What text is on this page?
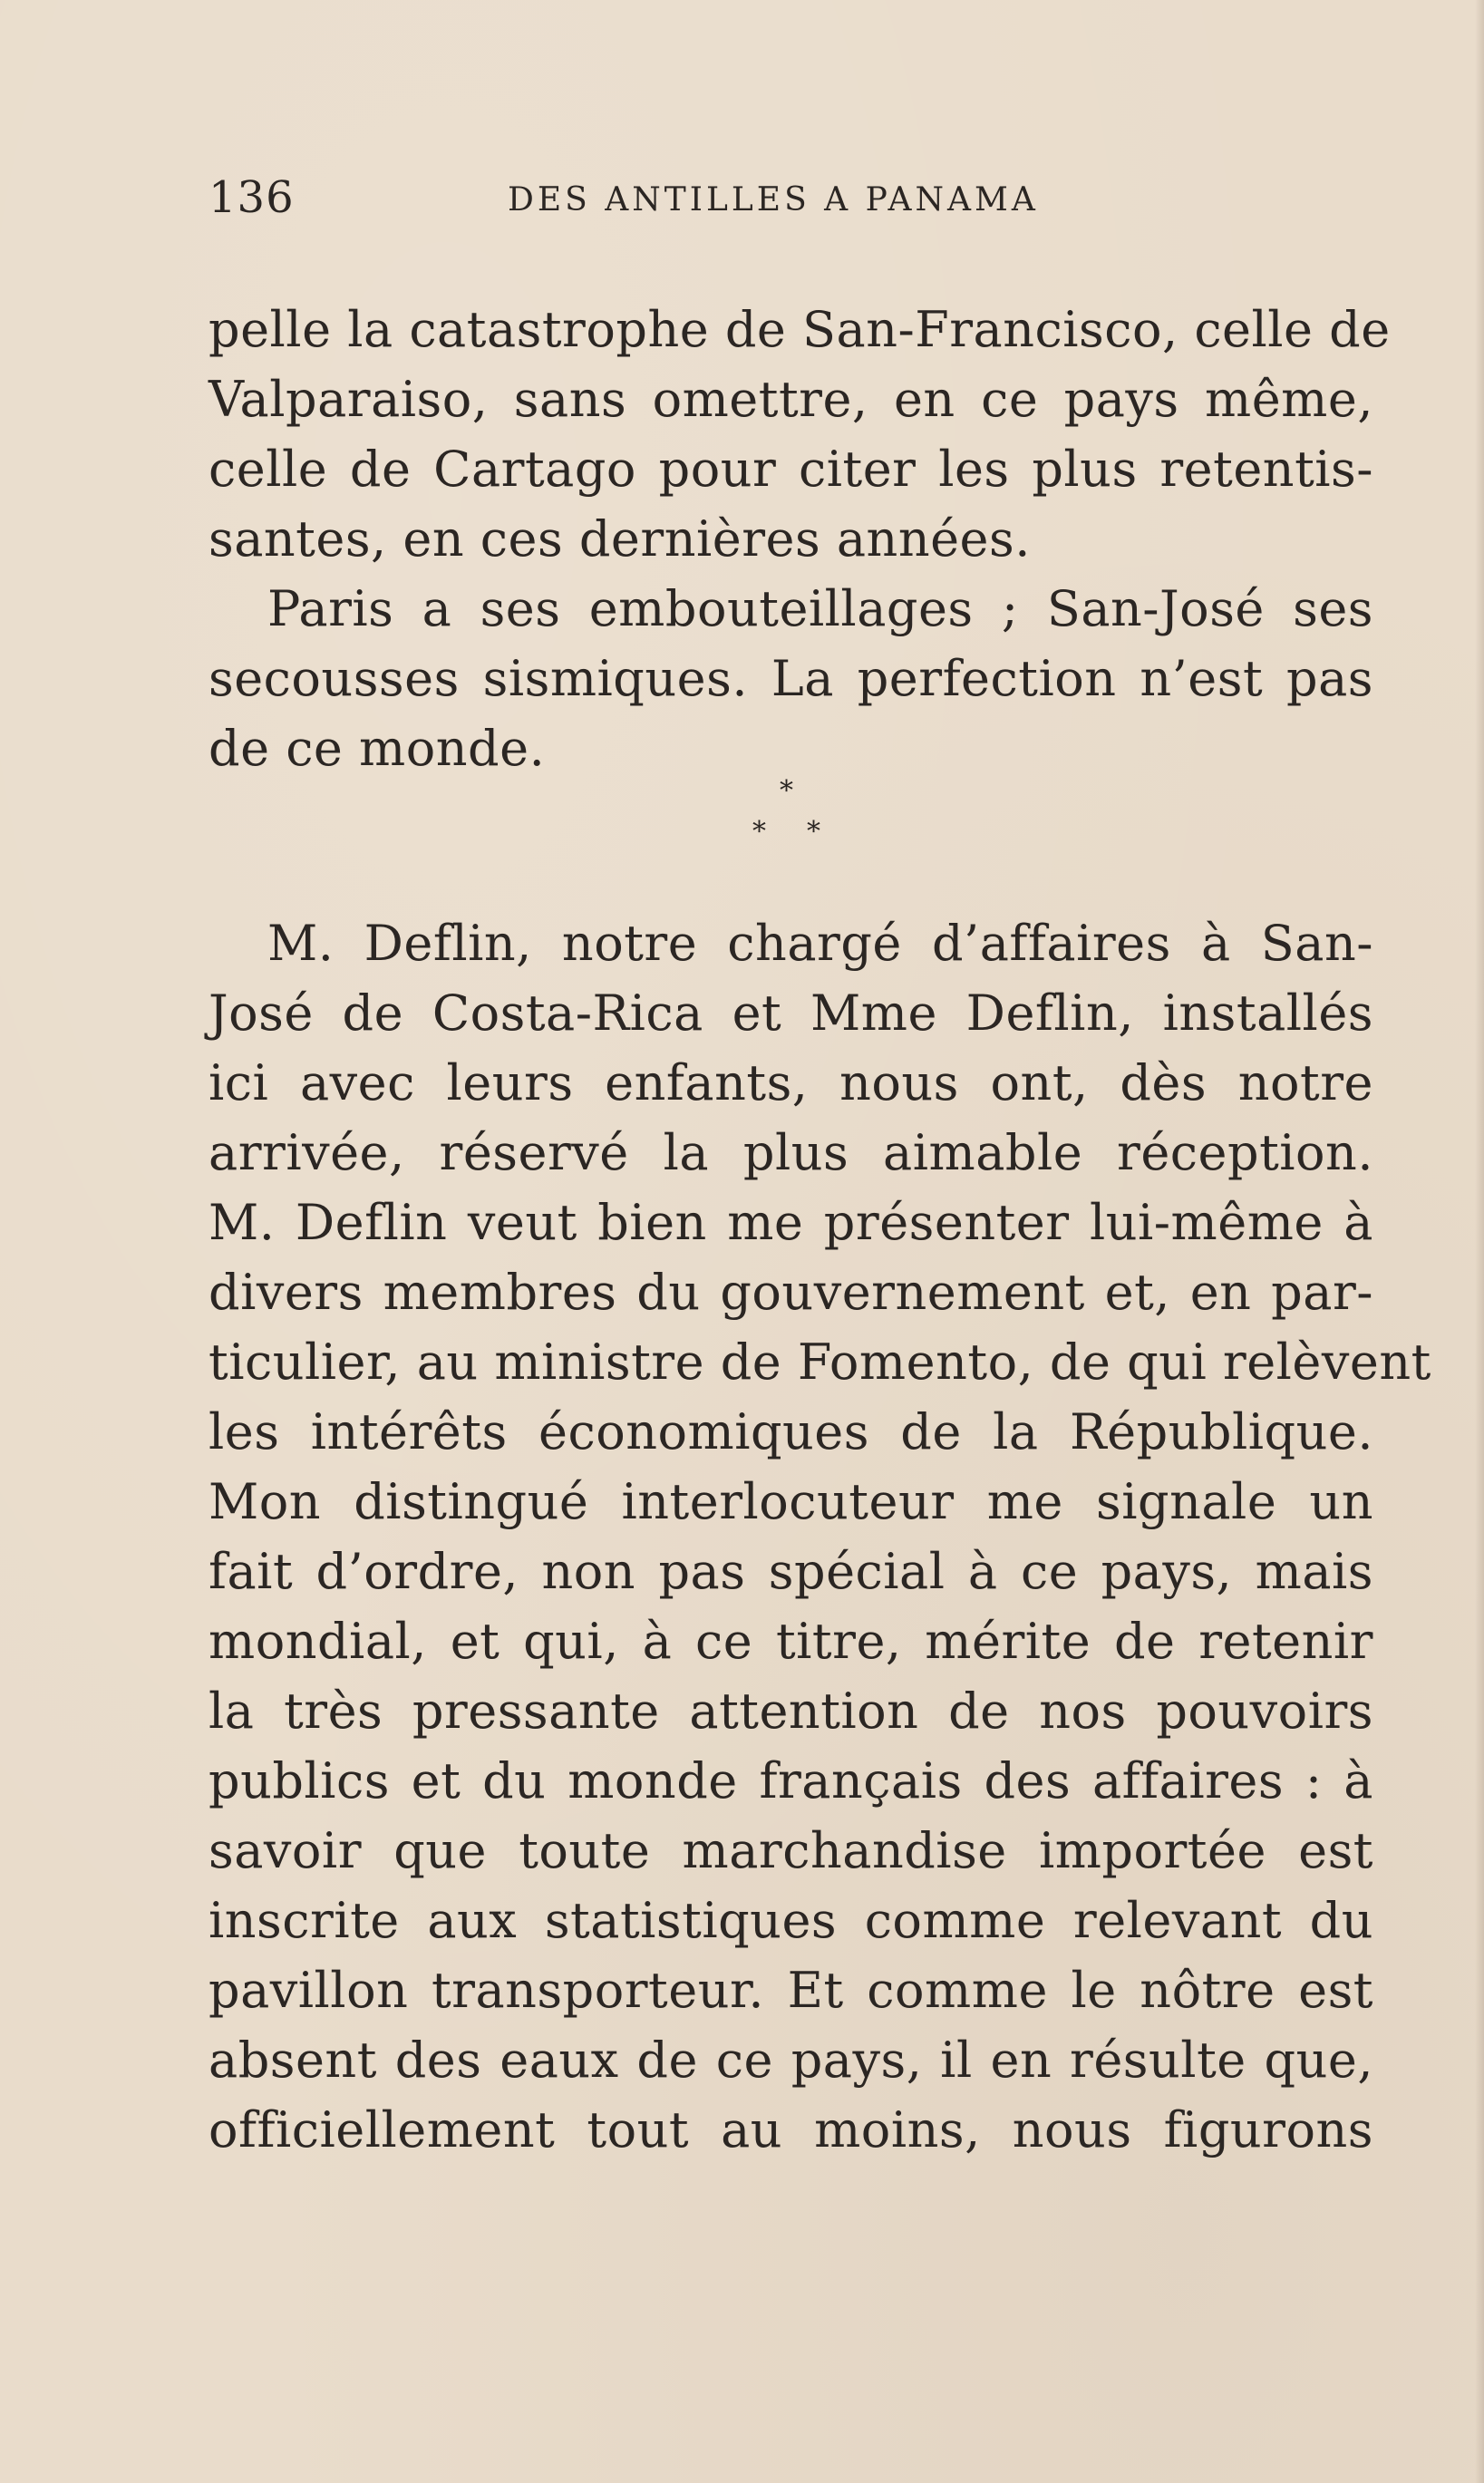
136	DES ANTILLES A PANAMA
pelle la catastrophe de San-Francisco, celle de
Valparaiso, sans omettre, en ce pays même,
celle de Cartago pour citer les plus retentis-
santes, en ces dernières années.
Paris a ses embouteillages ; San-José ses
secousses sismiques. La perfection n’est pas
de ce monde.
*
* *
M. Deflin, notre chargé d’affaires à San-
José de Costa-Rica et Mme Deflin, installés
ici avec leurs enfants, nous ont, dès notre
arrivée, réservé la plus aimable réception.
M. Deflin veut bien me présenter lui-même à
divers membres du gouvernement et, en par-
ticulier, au ministre de Fomento, de qui relèvent
les intérêts économiques de la République.
Mon distingué interlocuteur me signale un
fait d’ordre, non pas spécial à ce pays, mais
mondial, et qui, à ce titre, mérite de retenir
la très pressante attention de nos pouvoirs
publics et du monde français des affaires : à
savoir que toute marchandise importée est
inscrite aux statistiques comme relevant du
pavillon transporteur. Et comme le nôtre est
absent des eaux de ce pays, il en résulte que,
officiellement tout au moins, nous figurons
